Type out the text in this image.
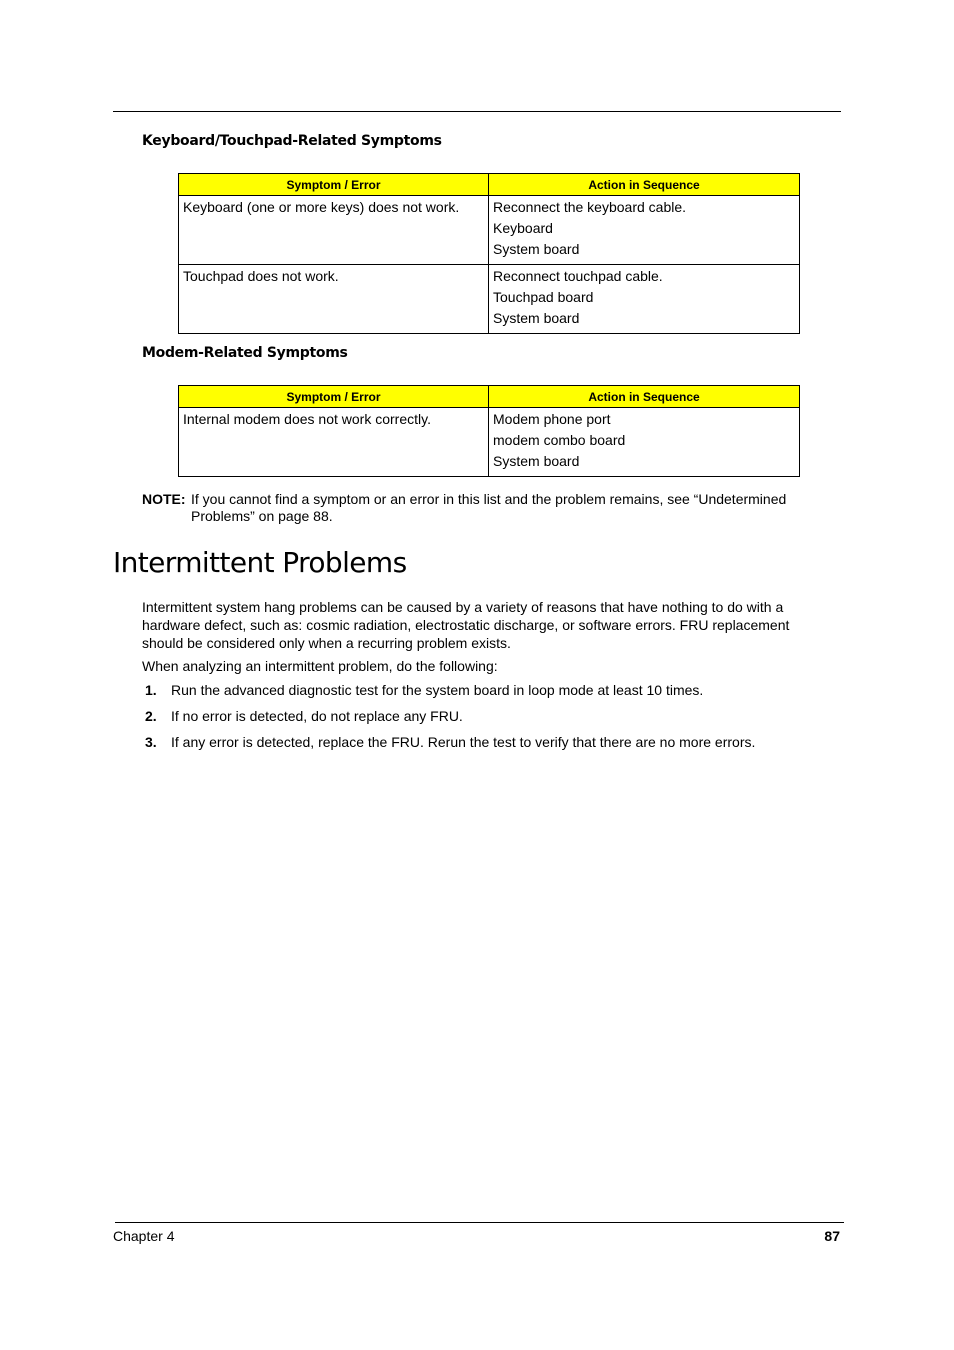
Keyboard/Touchpad-Related Symptoms
Symptom / Error	Action in Sequence
Keyboard (one or more keys) does not work.	Reconnect the keyboard cable.
Keyboard
System board

Touchpad does not work.	Reconnect touchpad cable.
Touchpad board
System board
Modem-Related Symptoms
Symptom / Error	Action in Sequence
Internal modem does not work correctly.	Modem phone port
modem combo board
System board
NOTE: If you cannot find a symptom or an error in this list and the problem remains, see “Undetermined Problems” on page 88.
Intermittent Problems

Intermittent system hang problems can be caused by a variety of reasons that have nothing to do with a hardware defect, such as: cosmic radiation, electrostatic discharge, or software errors. FRU replacement should be considered only when a recurring problem exists.

When analyzing an intermittent problem, do the following:

1. Run the advanced diagnostic test for the system board in loop mode at least 10 times.
2. If no error is detected, do not replace any FRU.
3. If any error is detected, replace the FRU. Rerun the test to verify that there are no more errors.
Chapter 4	87
